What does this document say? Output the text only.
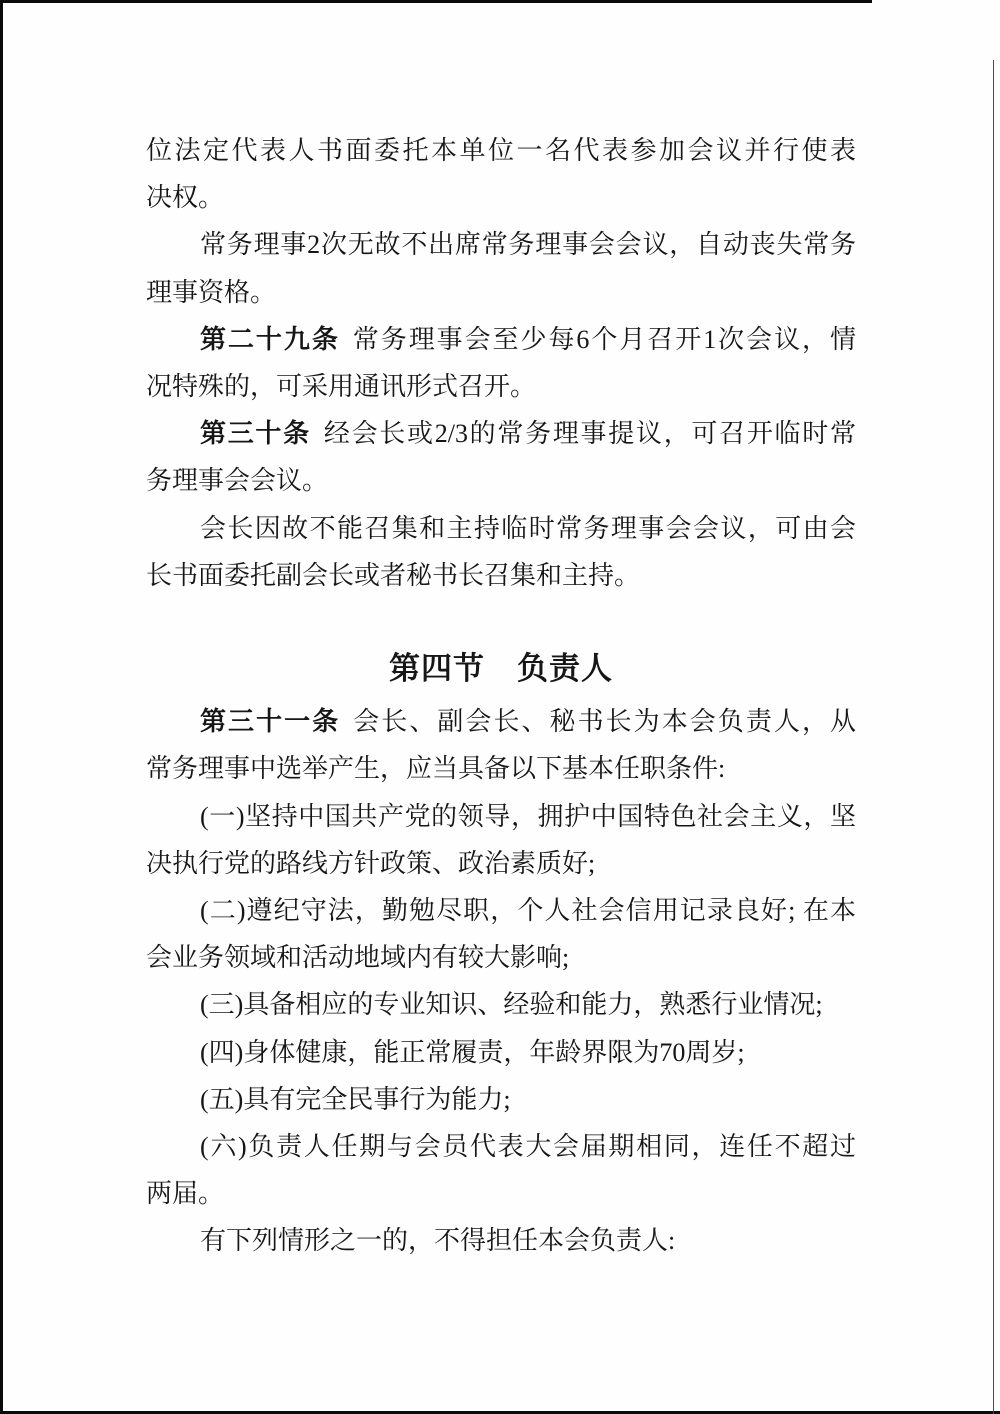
位法定代表人书面委托本单位一名代表参加会议并行使表
决权。
常务理事2次无故不出席常务理事会会议，自动丧失常务
理事资格。
第二十九条 常务理事会至少每6个月召开1次会议，情
况特殊的，可采用通讯形式召开。
第三十条 经会长或2/3的常务理事提议，可召开临时常
务理事会会议。
会长因故不能召集和主持临时常务理事会会议，可由会
长书面委托副会长或者秘书长召集和主持。
第四节　负责人
第三十一条 会长、副会长、秘书长为本会负责人，从
常务理事中选举产生，应当具备以下基本任职条件:
(一)坚持中国共产党的领导，拥护中国特色社会主义，坚
决执行党的路线方针政策、政治素质好;
(二)遵纪守法，勤勉尽职，个人社会信用记录良好; 在本
会业务领域和活动地域内有较大影响;
(三)具备相应的专业知识、经验和能力，熟悉行业情况;
(四)身体健康，能正常履责，年龄界限为70周岁;
(五)具有完全民事行为能力;
(六)负责人任期与会员代表大会届期相同，连任不超过
两届。
有下列情形之一的，不得担任本会负责人:
